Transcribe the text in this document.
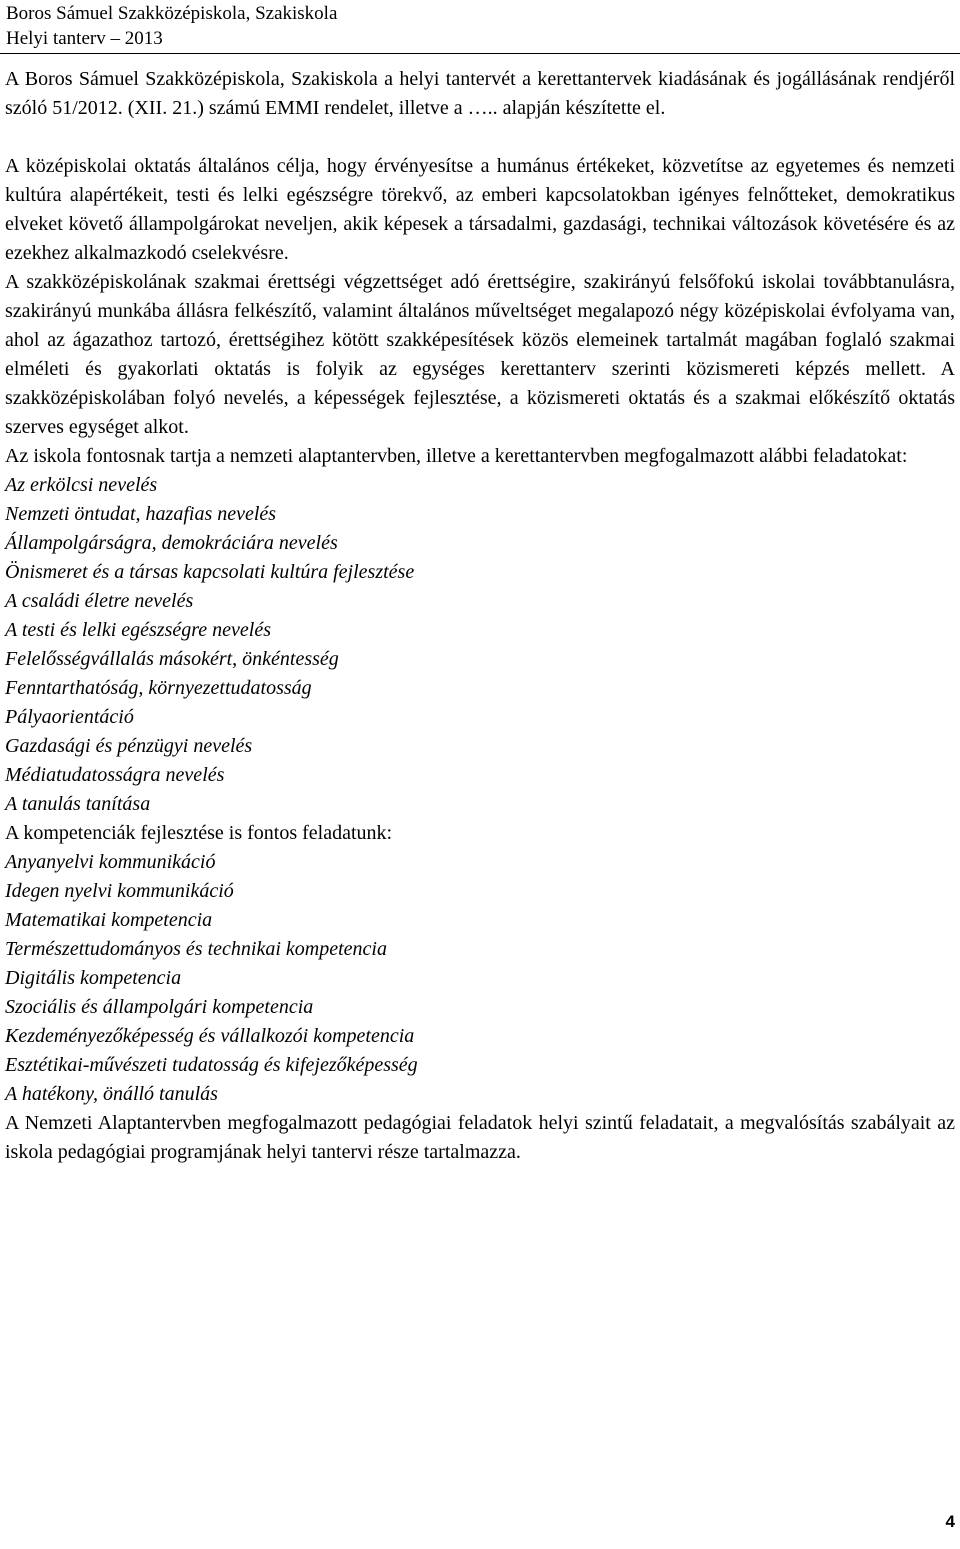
Boros Sámuel Szakközépiskola, Szakiskola
Helyi tanterv – 2013

A Boros Sámuel Szakközépiskola, Szakiskola a helyi tantervét a kerettantervek kiadásának és jogállásának rendjéről szóló 51/2012. (XII. 21.) számú EMMI rendelet, illetve a ….. alapján készítette el.

A középiskolai oktatás általános célja, hogy érvényesítse a humánus értékeket, közvetítse az egyetemes és nemzeti kultúra alapértékeit, testi és lelki egészségre törekvő, az emberi kapcsolatokban igényes felnőtteket, demokratikus elveket követő állampolgárokat neveljen, akik képesek a társadalmi, gazdasági, technikai változások követésére és az ezekhez alkalmazkodó cselekvésre.

A szakközépiskolának szakmai érettségi végzettséget adó érettségire, szakirányú felsőfokú iskolai továbbtanulásra, szakirányú munkába állásra felkészítő, valamint általános műveltséget megalapozó négy középiskolai évfolyama van, ahol az ágazathoz tartozó, érettségihez kötött szakképesítések közös elemeinek tartalmát magában foglaló szakmai elméleti és gyakorlati oktatás is folyik az egységes kerettanterv szerinti közismereti képzés mellett. A szakközépiskolában folyó nevelés, a képességek fejlesztése, a közismereti oktatás és a szakmai előkészítő oktatás szerves egységet alkot.

Az iskola fontosnak tartja a nemzeti alaptantervben, illetve a kerettantervben megfogalmazott alábbi feladatokat:

Az erkölcsi nevelés

Nemzeti öntudat, hazafias nevelés

Állampolgárságra, demokráciára nevelés

Önismeret és a társas kapcsolati kultúra fejlesztése

A családi életre nevelés

A testi és lelki egészségre nevelés

Felelősségvállalás másokért, önkéntesség

Fenntarthatóság, környezettudatosság

Pályaorientáció

Gazdasági és pénzügyi nevelés

Médiatudatosságra nevelés

A tanulás tanítása

A kompetenciák fejlesztése is fontos feladatunk:

Anyanyelvi kommunikáció

Idegen nyelvi kommunikáció

Matematikai kompetencia

Természettudományos és technikai kompetencia

Digitális kompetencia

Szociális és állampolgári kompetencia

Kezdeményezőképesség és vállalkozói kompetencia

Esztétikai-művészeti tudatosság és kifejezőképesség

A hatékony, önálló tanulás

A Nemzeti Alaptantervben megfogalmazott pedagógiai feladatok helyi szintű feladatait, a megvalósítás szabályait az iskola pedagógiai programjának helyi tantervi része tartalmazza.

4
